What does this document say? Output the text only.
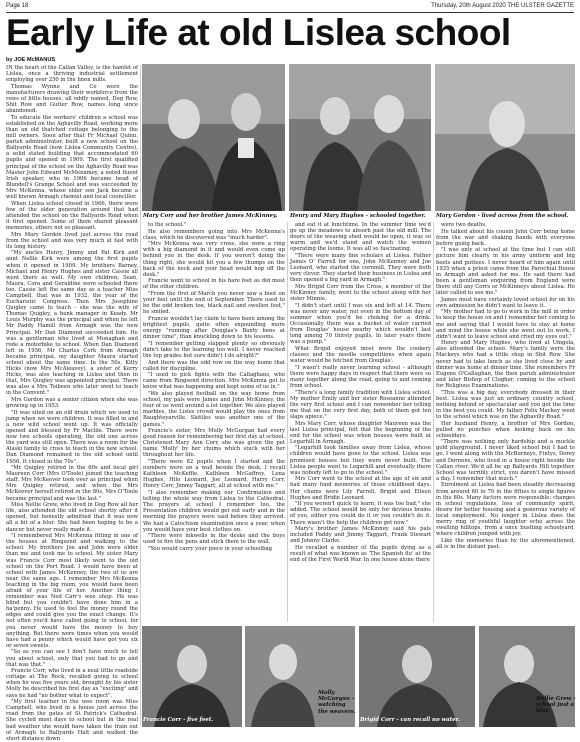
Page 18	Thursday, 20th August 2020 THE ULSTER GAZETTE
Early Life at old Lislea school
by JOE McMANUS

IN the heart of the Callan Valley, is the hamlet of Lislea, once a thriving industrial settlement employing over 250 in the linen mills.

Thomas Wynne and Co were the manufacturers drawing their workforce from the rows of little houses, all oddly named, Dog Row, Shit Row and Gutter Row, names long since abandoned.

To educate the workers' children a school was established on the Aghavilly Road, working more than an old thatched cottage belonging to the mill owners. Soon after that Fr Michael Quinn, parish administrator, built a new school on the Ballyards Road (now Lislea Community Centre), a solid stated building that accommodated 60 pupils and opened in 1909. The first qualified principal of the school on the Aghavilly Road was Master John Edward McMenamey, a noted fluent Irish speaker, who in 1906 became head of Blundell's Grange School and was succeeded by Mrs McKenna, whose elder son Jack became a well known Armagh chemist and local councillor.

When Lislea school closed in 1966, there were few of the older generation around that had attended the school on the Ballyards Road when it first opened. Some of them shared pleasant memories, others not so pleasant.

Mrs Mary Gordon lived just across the road from the school and was very much at fast with its long history.

"My uncles Henry, Jimmy and Pat Kirk and aunt Nellie Kirk were among the first pupils when it opened in 1909. My brothers Barney, Michael and Henry Hughes and sister Cassie all went there as well. My own children, Sean, Maura, Cora and Geraldine were schooled there too. Cassie left the same day as a teacher Miss Campbell, that was in 1932, the year of the Eucharistic Congress. Then Mrs Josephine Quigley came to teach - she was the wife of Thomas Quigley, a bank manager in Keady. Mr Louis Murphy was the principal and when he left Mr Paddy Hamill from Armagh was the new Principal. Mr Dan Diamond succeeded him. He was a gentleman who lived at Monaghan and rode a motorbike to school. When Dan Diamond left in 1956, Mr Charles Cork from Armagh became principal, my daughter Maura started school about the same time. In the 50s, Kitty Hicks (now Mrs McAleavey), a sister of Kerry Hicks, was also teaching in Lislea and then in that, Mrs Quigley was appointed principal. There was also a Mrs Toibeen who later went to teach in the Convent."

Mrs Gordon was a senior citizen when she was growing up in 1953.

"It was sited on an old drain which we used to jump when we were children. It was filled in and a new wild school went up. It was officially opened and blessed by Fr Maclile. There were now two schools operating, the old one across the yard was still open. There was a room for the Alaski family to cross to teach in the new school. Dan Diamond remained in the old school until 1956. It closed in the 70s".

"Mr Quigley retired in the 60s and local girl Maureen Corr (Mrs O'Toole) joined the teaching staff. Mrs McKeever took over as principal when Mrs Quigley retired, and when the Mrs McKeever herself retired in the 80s, Mrs O'Toole became principal and was the last."

Miss Nellie Grew, who lived in Dog Row all her life, also attended the old school shortly after it opened, but honestly admitted that it was now all a bit of a blur. She had been hoping to be a dancer but never really made it.

"I remembered Mrs McKenna fitting in one of the houses at Ringsend and walking to the school. My brothers Joe and John were older than me and took me to school. My sister Mary was Francis Corr most likely went to the old school on the Port Road. I would have been at school with James McKenney, the two of us are near the same age. I remember Mrs McKenna teaching in the big room, you would have been afraid of your life of her. Another thing I remember was Ned Carr's wee shop. He was blind but you couldn't have done him in a ha'penny. He used to feel the money round the edges and could give you the exact change. It's not often you'd have called going to school, for you never would have the money to buy anything. But there were times when you would have had a penny which would have got you six or seven sweets.

"So as you can see I don't have much to tell you about school, only that you had to go and that was that."

Francie Corr, who lived in a neat little roadside cottage at The Rock, recalled going to school when he was five years old, brought by his sister Molly he described his first day as "exciting" and says he had "no bother what to expect".

"My first teacher in the wee room was Miss Campbell, who lived in a house just across the road from the gates of St Patrick's Cathedral. She cycled most days to school but in the real bad weather she would have taken the train out of Armagh to Ballyards Halt and walked the short distance down

Mary Corr and her brother James McKinney.	Henry and Mary Hughes - schooled together.	Mary Gordon - lived across from the school.

to the school."

He also remembers going into Mrs McKenna's class, which he discovered was "much harder".

"Mrs McKenna was very cross, she wore a ring with a big diamond in it and would even come up behind you in the desk. If you weren't doing the thing right, she would hit you a few thumps on the back of the neck and your head would hop off the desk."

Francie went to school in his bare feet as did most of the other children.

"From the first of March you never saw a boot on your feet until the end of September. There used to be the odd broken toe, black nail and swollen foot," he smiled.

Francie wouldn't lay claim to have been among the brightest pupils, quite often expounding more energy "running after Douglas's Banty hens at dinner time", than knuckling down to his lessons.

"I remember getting slapped plenty so obviously didn't take to the learning too well. I never reached the top grades but sure didn't I do alright?"

And there was the odd row on the way home that called for discipline.

"I used to pick fights with the Callaghans, who came from Ringsend direction. Mrs McKenna got to know what was happening and kept some of us in."

"We also played football on the way home from school, my pals were James and John McKinney, the four of us went around a lot together. We also played marbles, the Lisles crowd would play the ones from Baughteyarville. Skittles was another one of the games."

Francie's sister, Mrs Molly McGurgan had every good reason for remembering her first day at school. Christened Mary Ann Corr, she was given the pet name 'Molly' by her chums which stuck with her throughout her life.

"There were 82 pupils when I started and the numbers were on a wall beside the desk. I recall Kathleen McKeffie, Kathleen McGaffrey, Lena Hughes, Hilo Leonard, Joe Leonard, Harry Corr, Henry Corr, Jimmy Taggart, all at school with me."

"I also remember making our Confirmation and telling the whole way from Lislea to the Cathedral. The prayers at school I remember too, the Presentation children would get out early and in the morning the prayers were said before they arrived. We had a Catechism examination once a year, when you would have your best clothes on.

"There were inkwells in the desks and the boys used to fire the pens and stick them to the wall.

"You would carry your piece in your schoolbag

and eat it at lunchtime. In the summer time we'd go up the meadows to absorb past the old mill. The doors of the weaving shed would be open, it was so warm and we'd stand and watch the women operating the looms. It was all so fascinating.

"There were many fine scholars at Lislea. Father James O' Farrell for one, John McKenney and Joe Leonard, who started the cornmill. They were both very clever. They started their business in Lislea and then opened a big yard in Armagh."

Mrs Brigid Corr from the Cross, a member of the McKinney family, went to the school along with her sister Minnie.

"I didn't start until I was six and left at 14. There was never any water, not even in the bottom day of summer when you'd be choking for a drink. Occasionally there was a bucket of water carried from Douglas' house nearby which wouldn't last long among 70 thirsty pupils. In later years there was a pump."

What Brigid enjoyed most were the cookery classes and the needle competitions when again water would be fetched from Douglas'.

"I wasn't really never learning school - although there were happy days in respect that there were so many together along the road, going to and coming from school.

"There's a long family tradition with Lislea school. My mother Emily and her sister Roseanne attended the very first school and I can remember her telling me that on the very first day, both of them got ten slaps apiece."

Mrs Mary Corr, whose daughter Maureen was the last Lislea principal, felt that the beginning of the end for the school was when houses were built at Legarhill in Armagh.

"Legarhill took families away from Lislea, whose children would have gone to the school. Lislea was promised houses but they were never built. The Lislea people went to Legarhill and eventually there was nobody left to go to the school."

Mrs Corr went to the school at the age of six and had many fond memories of those childhood days. Her chums were Lily Farrell, Brigid and Eileen Hughes and Bridie Leonard.

"If you weren't quick to learn, it was too bad," she added. The school would be only for devious brains of you, either you could do it or you couldn't do it. There wasn't the help the children get now."

Mary's brother James McKinney said his pals included Paddy and Jimmy Taggart, Frank Stewart and Johnny Clarke.

He recalled a number of the pupils dying as a result of what was known as 'The Spanish flu' at the end of the First World War. In one house alone there

were two deaths.

He talked about his cousin John Corr being home from the war and shaking hands with everyone before going back.

"I was only at school at the time but I can still picture him clearly in his army uniform and big boots and puttees. I never heard of him again until 1935 when a priest came from the Parochial House in Armagh and asked for me. He said there had been a gentleman enquiring from England were there still any Corrs or McKinneys about Lislea. He later called to see me."

James must have certainly loved school for on his own admission he didn't want to leave it.

"My mother had to go to work in the mill in order to keep the house on and I remember her coming to me and saying that I would have to stay at home and mind the house while she went out to work. I didn't want to leave school and cried my eyes out."

Henry and Mary Hughes, who lived at Umgola, also attended the school. Mary's family were the Mackeys who had a little shop in Shit Row. She never had to take lunch as she lived close by and dinner was home at dinner time. She remembers Fr Eugene O'Callaghan, the then parish administrator and later Bishop of Clogher, coming to the school for Religious Examinations.

"This was a big day, everybody dressed in their best. Lislea was just an ordinary country school, nothing behind or spectacular and you got the time in the best you could. My father Felix Mackey went to the school which was on the Aghavilly Road."

Her husband Henry, a brother of Mrs Gordon, pulled no punches when looking back on his schooldays.

"There was nothing only hardship and a muckle gold playground. I never liked school but I had to go. I went along with the McBurneys, Fintys, Dorey and Dornons, who lived in a house right beside the Callan river. We'd all be up Ballyards Hill together. School was terribly strict, you daren't have missed a day. I remember that much."

Enrolment at Lislea had been steadily decreasing from around 60 to 70 in the fifties to single figures in the 80s. Many factors were responsible: changes in school regulations, loss of community spirit, desire for better housing and a generous variety of local employment. No longer in Lislea does the merry ring of youthful laughter echo across the swelling hilltops, from a once bustling schoolyard, where children jumped with joy.

Like the memories than by the aforementioned, all is in the distant past.

Francie Corr - five feet.
Molly McGurgan - watching the weavers.
Brigid Corr - can recall no water.
Nellie Grew - school just a blur.
